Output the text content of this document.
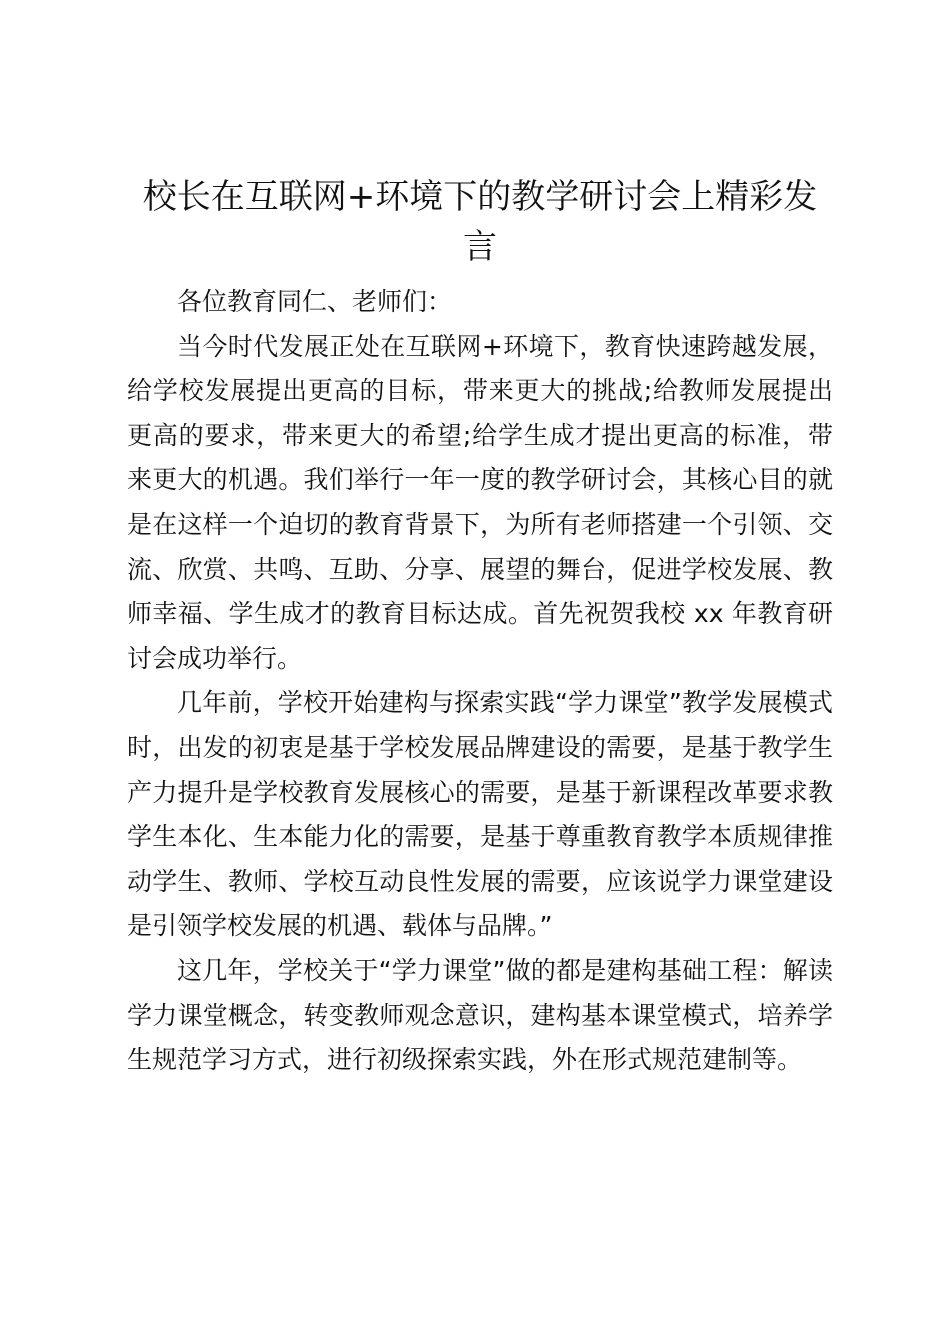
校长在互联网+环境下的教学研讨会上精彩发言

各位教育同仁、老师们：

当今时代发展正处在互联网+环境下，教育快速跨越发展，给学校发展提出更高的目标，带来更大的挑战;给教师发展提出更高的要求，带来更大的希望;给学生成才提出更高的标准，带来更大的机遇。我们举行一年一度的教学研讨会，其核心目的就是在这样一个迫切的教育背景下，为所有老师搭建一个引领、交流、欣赏、共鸣、互助、分享、展望的舞台，促进学校发展、教师幸福、学生成才的教育目标达成。首先祝贺我校 xx 年教育研讨会成功举行。

几年前，学校开始建构与探索实践“学力课堂”教学发展模式时，出发的初衷是基于学校发展品牌建设的需要，是基于教学生产力提升是学校教育发展核心的需要，是基于新课程改革要求教学生本化、生本能力化的需要，是基于尊重教育教学本质规律推动学生、教师、学校互动良性发展的需要，应该说学力课堂建设是引领学校发展的机遇、载体与品牌。”

这几年，学校关于“学力课堂”做的都是建构基础工程：解读学力课堂概念，转变教师观念意识，建构基本课堂模式，培养学生规范学习方式，进行初级探索实践，外在形式规范建制等。
